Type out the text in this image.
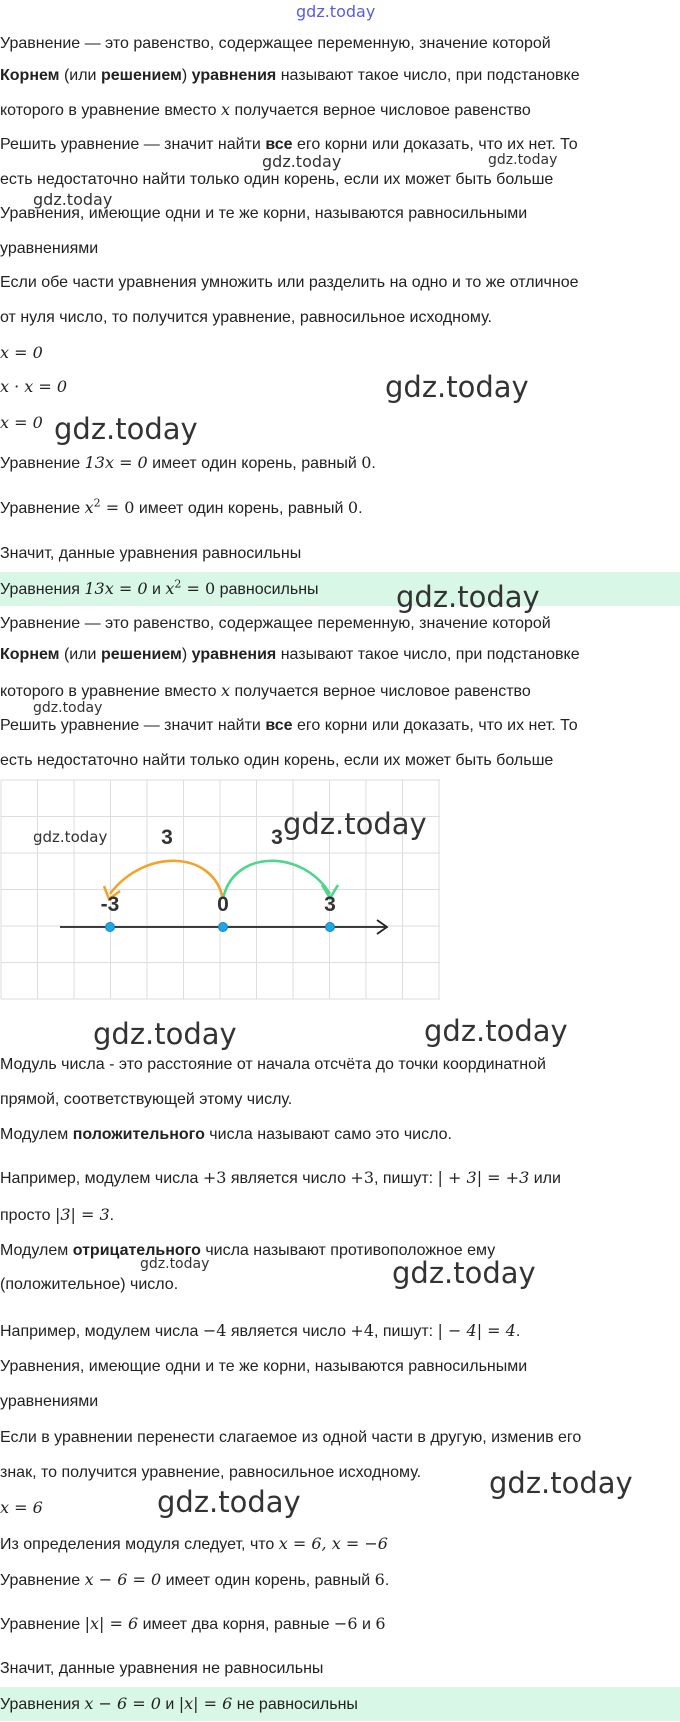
gdz.today
Уравнение — это равенство, содержащее переменную, значение которой
Корнем (или решением) уравнения называют такое число, при подстановке
которого в уравнение вместо x получается верное числовое равенство
Решить уравнение — значит найти все его корни или доказать, что их нет. То
есть недостаточно найти только один корень, если их может быть больше
Уравнения, имеющие одни и те же корни, называются равносильными
уравнениями
Если обе части уравнения умножить или разделить на одно и то же отличное
от нуля число, то получится уравнение, равносильное исходному.
x = 0
x · x = 0
x = 0
Уравнение 13x = 0 имеет один корень, равный 0.
Уравнение $x^2 = 0$ имеет один корень, равный 0.
Значит, данные уравнения равносильны
Уравнения 13x = 0 и $x^2 = 0$ равносильны
Уравнение — это равенство, содержащее переменную, значение которой
Корнем (или решением) уравнения называют такое число, при подстановке
которого в уравнение вместо x получается верное числовое равенство
Решить уравнение — значит найти все его корни или доказать, что их нет. То
есть недостаточно найти только один корень, если их может быть больше
3	3
-3	0	3
Модуль числа - это расстояние от начала отсчёта до точки координатной
прямой, соответствующей этому числу.
Модулем положительного числа называют само это число.
Например, модулем числа +3 является число +3, пишут: | + 3| = +3 или
просто |3| = 3.
Модулем отрицательного числа называют противоположное ему
(положительное) число.
Например, модулем числа −4 является число +4, пишут: | − 4| = 4.
Уравнения, имеющие одни и те же корни, называются равносильными
уравнениями
Если в уравнении перенести слагаемое из одной части в другую, изменив его
знак, то получится уравнение, равносильное исходному.
x = 6
Из определения модуля следует, что x = 6, x = −6
Уравнение x − 6 = 0 имеет один корень, равный 6.
Уравнение |x| = 6 имеет два корня, равные −6 и 6
Значит, данные уравнения не равносильны
Уравнения x − 6 = 0 и |x| = 6 не равносильны
gdz.today	gdz.today
gdz.today
gdz.today
gdz.today
gdz.today
gdz.today
gdz.today	gdz.today
gdz.today	gdz.today
gdz.today	gdz.today
gdz.today
gdz.today
